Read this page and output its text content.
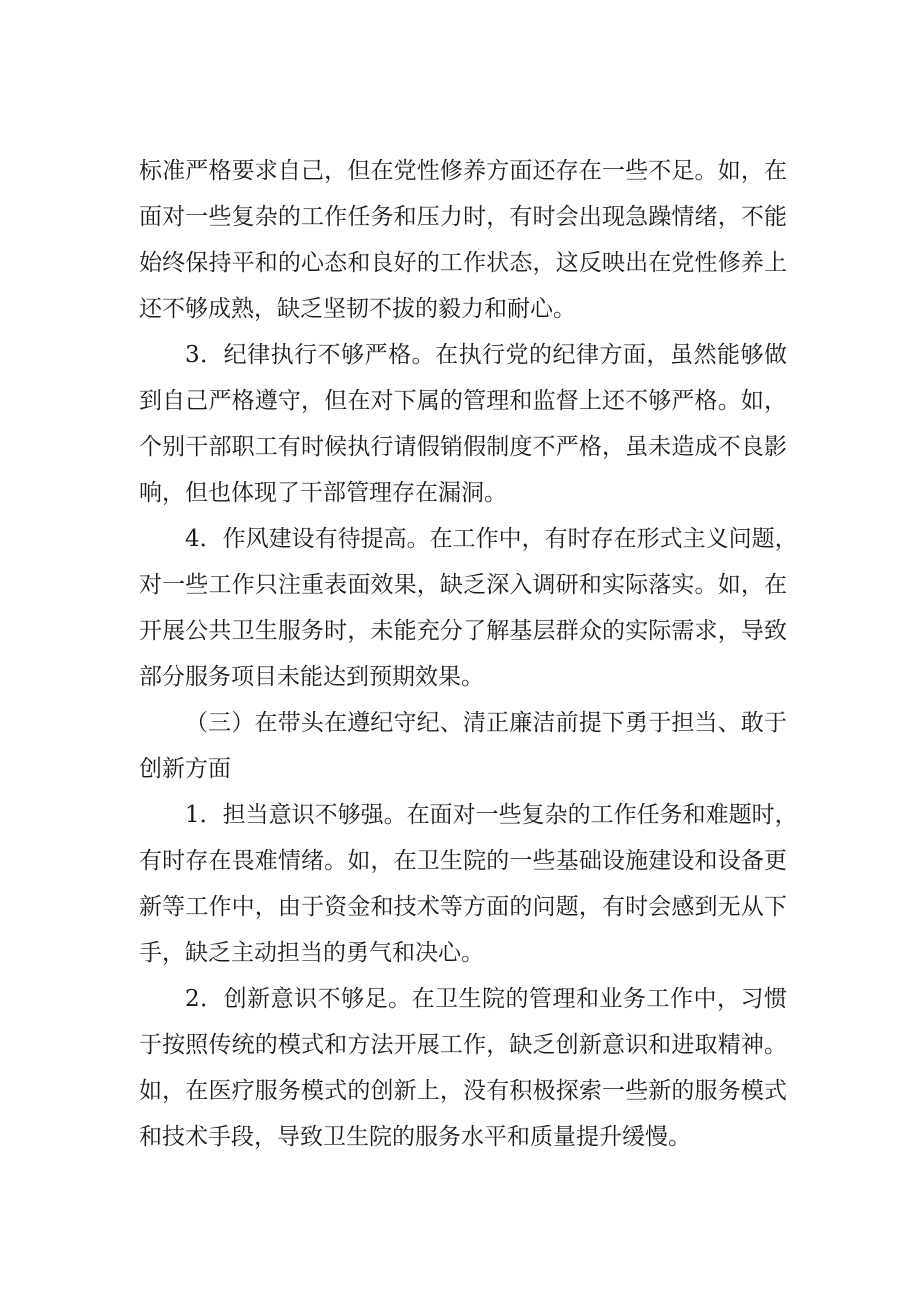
标准严格要求自己，但在党性修养方面还存在一些不足。如，在
面对一些复杂的工作任务和压力时，有时会出现急躁情绪，不能
始终保持平和的心态和良好的工作状态，这反映出在党性修养上
还不够成熟，缺乏坚韧不拔的毅力和耐心。
3．纪律执行不够严格。在执行党的纪律方面，虽然能够做
到自己严格遵守，但在对下属的管理和监督上还不够严格。如，
个别干部职工有时候执行请假销假制度不严格，虽未造成不良影
响，但也体现了干部管理存在漏洞。
4．作风建设有待提高。在工作中，有时存在形式主义问题，
对一些工作只注重表面效果，缺乏深入调研和实际落实。如，在
开展公共卫生服务时，未能充分了解基层群众的实际需求，导致
部分服务项目未能达到预期效果。
（三）在带头在遵纪守纪、清正廉洁前提下勇于担当、敢于
创新方面
1．担当意识不够强。在面对一些复杂的工作任务和难题时，
有时存在畏难情绪。如，在卫生院的一些基础设施建设和设备更
新等工作中，由于资金和技术等方面的问题，有时会感到无从下
手，缺乏主动担当的勇气和决心。
2．创新意识不够足。在卫生院的管理和业务工作中，习惯
于按照传统的模式和方法开展工作，缺乏创新意识和进取精神。
如，在医疗服务模式的创新上，没有积极探索一些新的服务模式
和技术手段，导致卫生院的服务水平和质量提升缓慢。
